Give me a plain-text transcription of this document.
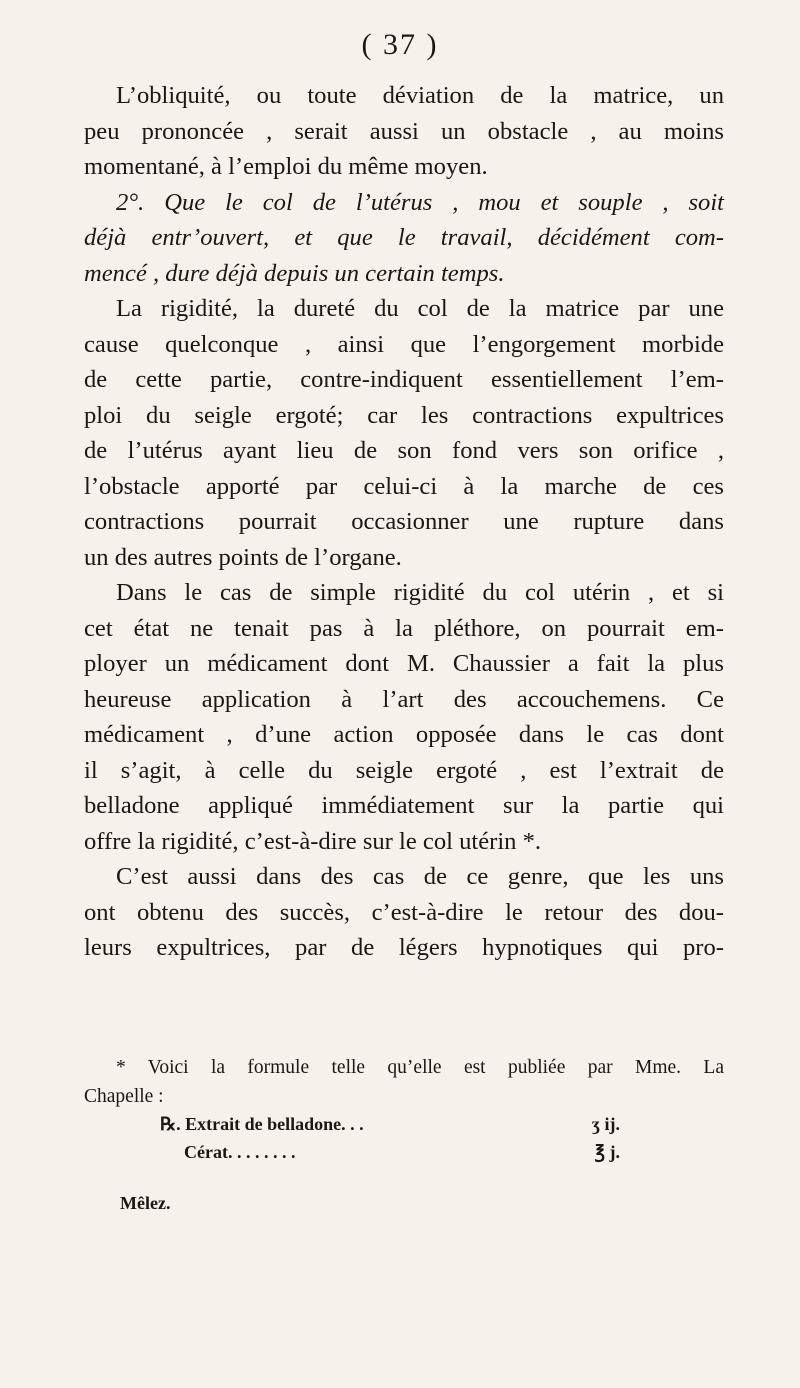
( 37 )
L’obliquité, ou toute déviation de la matrice, un
peu prononcée , serait aussi un obstacle , au moins
momentané, à l’emploi du même moyen.
2°. Que le col de l’utérus , mou et souple , soit
déjà entr’ouvert, et que le travail, décidément com-
mencé , dure déjà depuis un certain temps.
La rigidité, la dureté du col de la matrice par une
cause quelconque , ainsi que l’engorgement morbide
de cette partie, contre-indiquent essentiellement l’em-
ploi du seigle ergoté; car les contractions expultrices
de l’utérus ayant lieu de son fond vers son orifice ,
l’obstacle apporté par celui-ci à la marche de ces
contractions pourrait occasionner une rupture dans
un des autres points de l’organe.
Dans le cas de simple rigidité du col utérin , et si
cet état ne tenait pas à la pléthore, on pourrait em-
ployer un médicament dont M. Chaussier a fait la plus
heureuse application à l’art des accouchemens. Ce
médicament , d’une action opposée dans le cas dont
il s’agit, à celle du seigle ergoté , est l’extrait de
belladone appliqué immédiatement sur la partie qui
offre la rigidité, c’est-à-dire sur le col utérin *.
C’est aussi dans des cas de ce genre, que les uns
ont obtenu des succès, c’est-à-dire le retour des dou-
leurs expultrices, par de légers hypnotiques qui pro-
* Voici la formule telle qu’elle est publiée par Mme. La
Chapelle :
℞. Extrait de belladone. . .	ʒ ij.
Cérat. . . . . . . .	℥ j.
Mêlez.
